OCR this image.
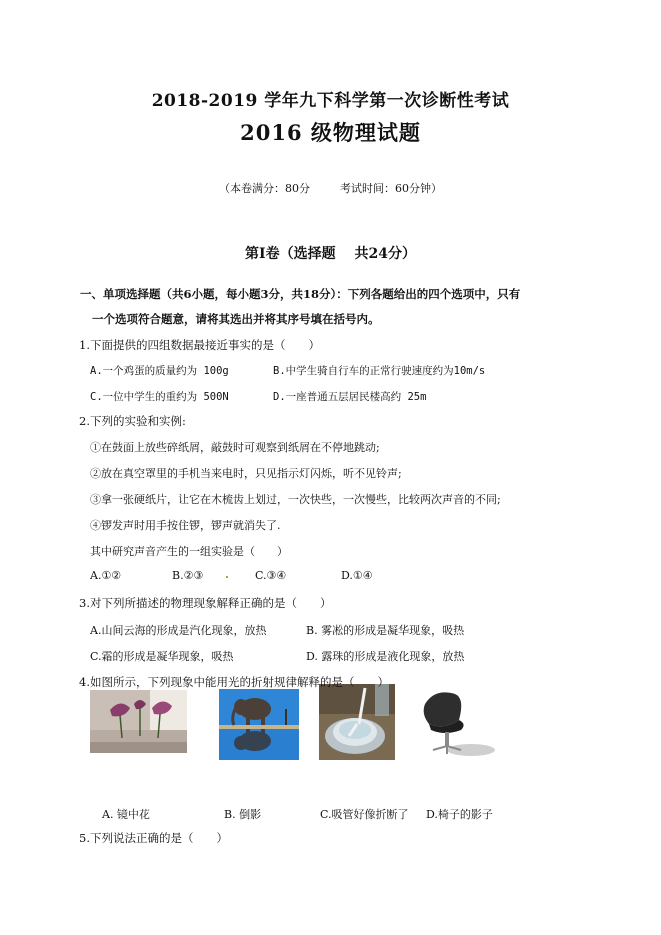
2018-2019 学年九下科学第一次诊断性考试
2016 级物理试题
（本卷满分：80分	考试时间：60分钟）
第Ⅰ卷（选择题　 共24分）
一、单项选择题（共6小题，每小题3分，共18分）：下列各题给出的四个选项中，只有
一个选项符合题意，请将其选出并将其序号填在括号内。
1.下面提供的四组数据最接近事实的是（　　）
A.一个鸡蛋的质量约为 100g	B.中学生骑自行车的正常行驶速度约为10m/s
C.一位中学生的重约为 500N	D.一座普通五层居民楼高约 25m
2.下列的实验和实例:
①在鼓面上放些碎纸屑，敲鼓时可观察到纸屑在不停地跳动;
②放在真空罩里的手机当来电时，只见指示灯闪烁，听不见铃声;
③拿一张硬纸片，让它在木梳齿上划过，一次快些，一次慢些，比较两次声音的不同;
④锣发声时用手按住锣，锣声就消失了.
其中研究声音产生的一组实验是（　　）
A.①②	B.②③	C.③④	D.①④
3.对下列所描述的物理现象解释正确的是（　　）
A.山间云海的形成是汽化现象，放热	B. 雾凇的形成是凝华现象，吸热
C.霜的形成是凝华现象，吸热	D. 露珠的形成是液化现象，放热
4.如图所示，下列现象中能用光的折射规律解释的是（　　）
A. 镜中花	B. 倒影	C.吸管好像折断了 D.椅子的影子
5.下列说法正确的是（　　）
